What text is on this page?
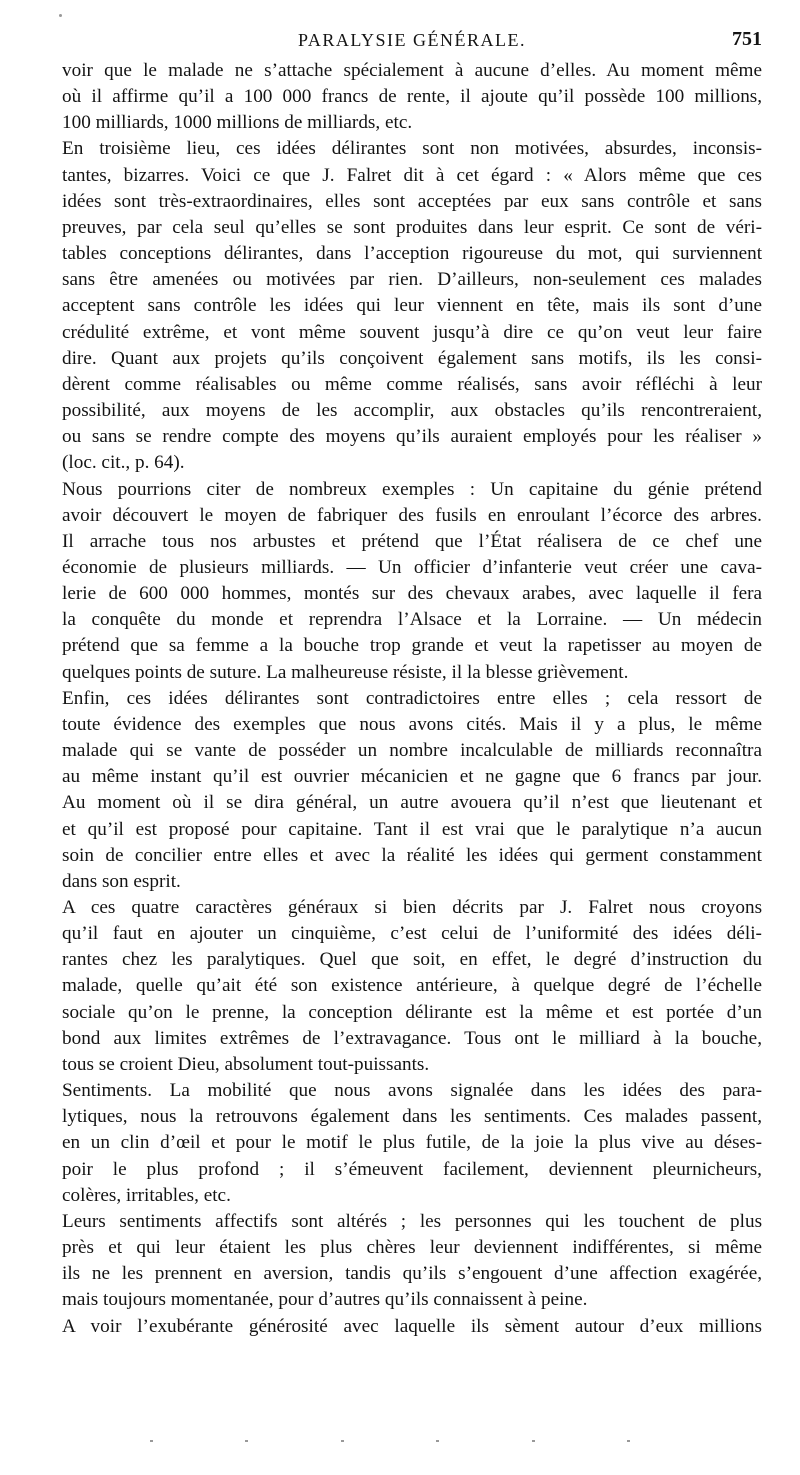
PARALYSIE GÉNÉRALE.	751
voir que le malade ne s’attache spécialement à aucune d’elles. Au moment même
où il affirme qu’il a 100 000 francs de rente, il ajoute qu’il possède 100 millions,
100 milliards, 1000 millions de milliards, etc.
En troisième lieu, ces idées délirantes sont non motivées, absurdes, inconsis-
tantes, bizarres. Voici ce que J. Falret dit à cet égard : « Alors même que ces
idées sont très-extraordinaires, elles sont acceptées par eux sans contrôle et sans
preuves, par cela seul qu’elles se sont produites dans leur esprit. Ce sont de véri-
tables conceptions délirantes, dans l’acception rigoureuse du mot, qui surviennent
sans être amenées ou motivées par rien. D’ailleurs, non-seulement ces malades
acceptent sans contrôle les idées qui leur viennent en tête, mais ils sont d’une
crédulité extrême, et vont même souvent jusqu’à dire ce qu’on veut leur faire
dire. Quant aux projets qu’ils conçoivent également sans motifs, ils les consi-
dèrent comme réalisables ou même comme réalisés, sans avoir réfléchi à leur
possibilité, aux moyens de les accomplir, aux obstacles qu’ils rencontreraient,
ou sans se rendre compte des moyens qu’ils auraient employés pour les réaliser »
(loc. cit., p. 64).
Nous pourrions citer de nombreux exemples : Un capitaine du génie prétend
avoir découvert le moyen de fabriquer des fusils en enroulant l’écorce des arbres.
Il arrache tous nos arbustes et prétend que l’État réalisera de ce chef une
économie de plusieurs milliards. — Un officier d’infanterie veut créer une cava-
lerie de 600 000 hommes, montés sur des chevaux arabes, avec laquelle il fera
la conquête du monde et reprendra l’Alsace et la Lorraine. — Un médecin
prétend que sa femme a la bouche trop grande et veut la rapetisser au moyen de
quelques points de suture. La malheureuse résiste, il la blesse grièvement.
Enfin, ces idées délirantes sont contradictoires entre elles ; cela ressort de
toute évidence des exemples que nous avons cités. Mais il y a plus, le même
malade qui se vante de posséder un nombre incalculable de milliards reconnaîtra
au même instant qu’il est ouvrier mécanicien et ne gagne que 6 francs par jour.
Au moment où il se dira général, un autre avouera qu’il n’est que lieutenant et
et qu’il est proposé pour capitaine. Tant il est vrai que le paralytique n’a aucun
soin de concilier entre elles et avec la réalité les idées qui germent constamment
dans son esprit.
A ces quatre caractères généraux si bien décrits par J. Falret nous croyons
qu’il faut en ajouter un cinquième, c’est celui de l’uniformité des idées déli-
rantes chez les paralytiques. Quel que soit, en effet, le degré d’instruction du
malade, quelle qu’ait été son existence antérieure, à quelque degré de l’échelle
sociale qu’on le prenne, la conception délirante est la même et est portée d’un
bond aux limites extrêmes de l’extravagance. Tous ont le milliard à la bouche,
tous se croient Dieu, absolument tout-puissants.
Sentiments. La mobilité que nous avons signalée dans les idées des para-
lytiques, nous la retrouvons également dans les sentiments. Ces malades passent,
en un clin d’œil et pour le motif le plus futile, de la joie la plus vive au déses-
poir le plus profond ; il s’émeuvent facilement, deviennent pleurnicheurs,
colères, irritables, etc.
Leurs sentiments affectifs sont altérés ; les personnes qui les touchent de plus
près et qui leur étaient les plus chères leur deviennent indifférentes, si même
ils ne les prennent en aversion, tandis qu’ils s’engouent d’une affection exagérée,
mais toujours momentanée, pour d’autres qu’ils connaissent à peine.
A voir l’exubérante générosité avec laquelle ils sèment autour d’eux millions
